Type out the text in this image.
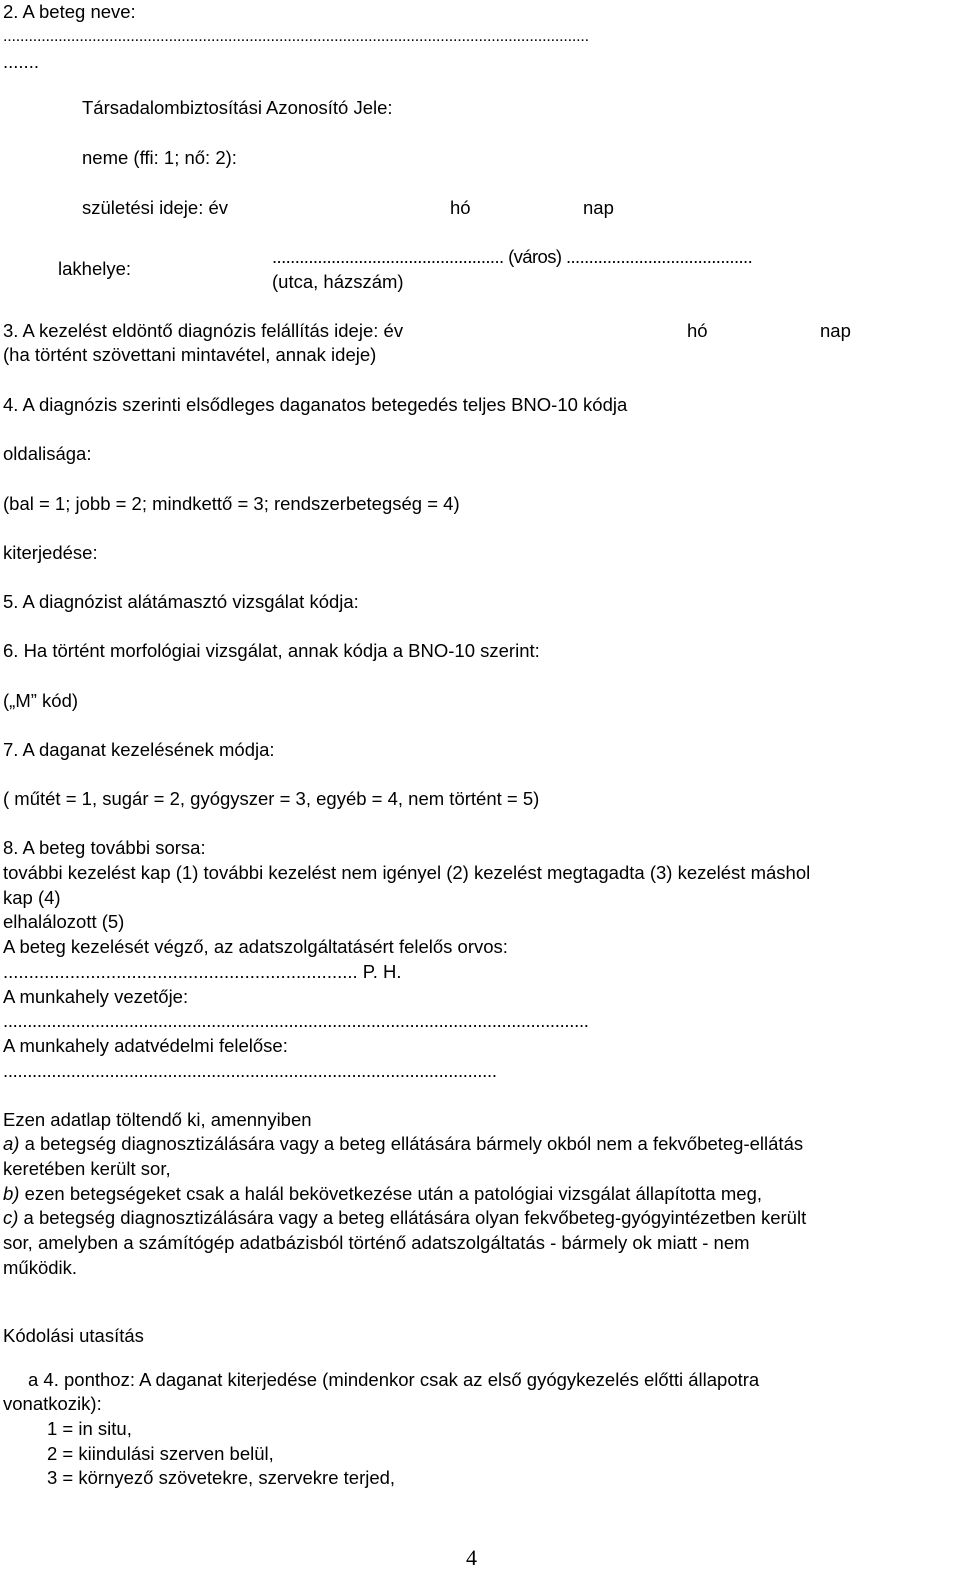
2. A beteg neve:
..........................................................................................................................................
.......
Társadalombiztosítási Azonosító Jele:
neme (ffi: 1; nő: 2):
születési ideje: év	hó	nap
lakhelye:
................................................... (város) .........................................
(utca, házszám)
3. A kezelést eldöntő diagnózis felállítás ideje: év	hó	nap
(ha történt szövettani mintavétel, annak ideje)
4. A diagnózis szerinti elsődleges daganatos betegedés teljes BNO-10 kódja
oldalisága:
(bal = 1; jobb = 2; mindkettő = 3; rendszerbetegség = 4)
kiterjedése:
5. A diagnózist alátámasztó vizsgálat kódja:
6. Ha történt morfológiai vizsgálat, annak kódja a BNO-10 szerint:
(„M” kód)
7. A daganat kezelésének módja:
( műtét = 1, sugár = 2, gyógyszer = 3, egyéb = 4, nem történt = 5)
8. A beteg további sorsa:
további kezelést kap (1) további kezelést nem igényel (2) kezelést megtagadta (3) kezelést máshol
kap (4)
elhalálozott (5)
A beteg kezelését végző, az adatszolgáltatásért felelős orvos:
..................................................................... P. H.
A munkahely vezetője:
.........................................................................................................................
A munkahely adatvédelmi felelőse:
......................................................................................................
Ezen adatlap töltendő ki, amennyiben
a) a betegség diagnosztizálására vagy a beteg ellátására bármely okból nem a fekvőbeteg-ellátás
keretében került sor,
b) ezen betegségeket csak a halál bekövetkezése után a patológiai vizsgálat állapította meg,
c) a betegség diagnosztizálására vagy a beteg ellátására olyan fekvőbeteg-gyógyintézetben került
sor, amelyben a számítógép adatbázisból történő adatszolgáltatás - bármely ok miatt - nem
működik.
Kódolási utasítás
a 4. ponthoz: A daganat kiterjedése (mindenkor csak az első gyógykezelés előtti állapotra
vonatkozik):
1 = in situ,
2 = kiindulási szerven belül,
3 = környező szövetekre, szervekre terjed,
4
